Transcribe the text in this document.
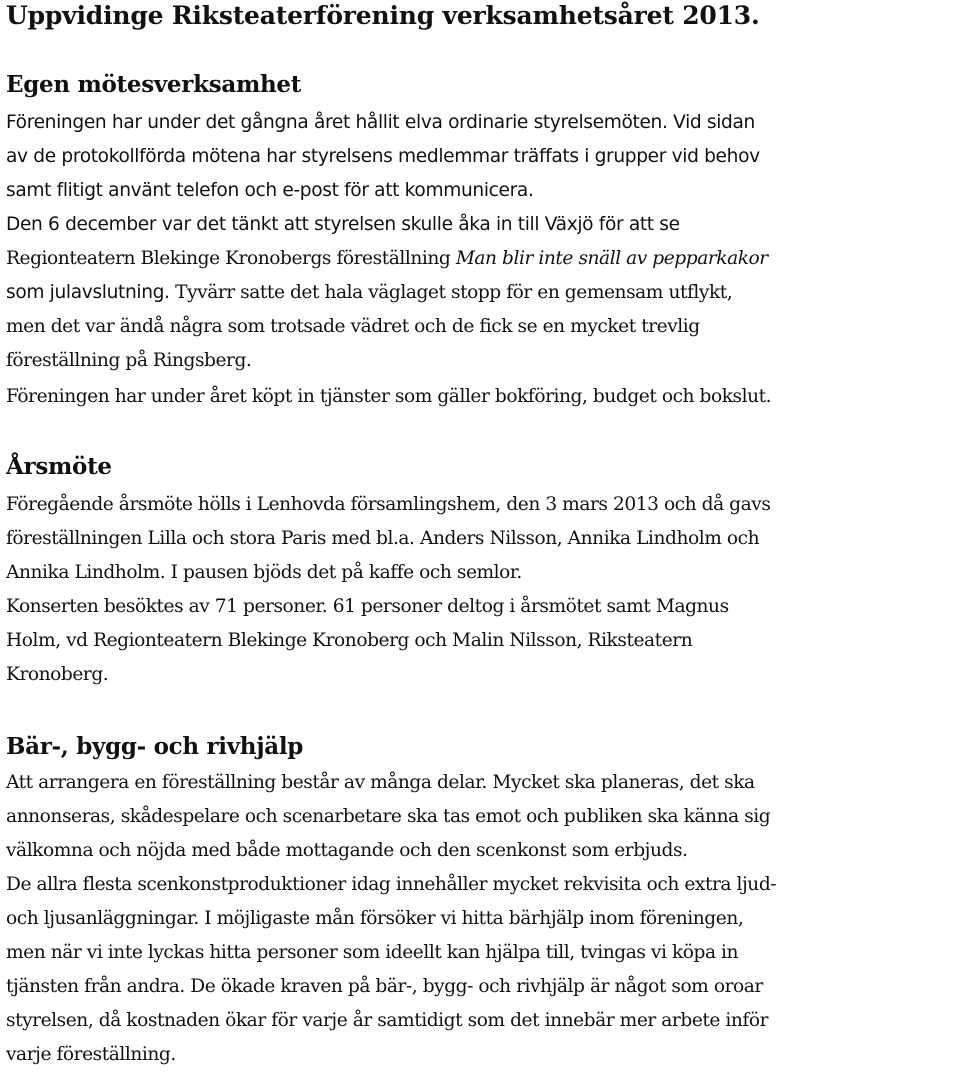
Uppvidinge Riksteaterförening verksamhetsåret 2013.
Egen mötesverksamhet
Föreningen har under det gångna året hållit elva ordinarie styrelsemöten. Vid sidan
av de protokollförda mötena har styrelsens medlemmar träffats i grupper vid behov
samt flitigt använt telefon och e-post för att kommunicera.
Den 6 december var det tänkt att styrelsen skulle åka in till Växjö för att se
Regionteatern Blekinge Kronobergs föreställning Man blir inte snäll av pepparkakor
som julavslutning. Tyvärr satte det hala väglaget stopp för en gemensam utflykt,
men det var ändå några som trotsade vädret och de fick se en mycket trevlig
föreställning på Ringsberg.
Föreningen har under året köpt in tjänster som gäller bokföring, budget och bokslut.
Årsmöte
Föregående årsmöte hölls i Lenhovda församlingshem, den 3 mars 2013 och då gavs
föreställningen Lilla och stora Paris med bl.a. Anders Nilsson, Annika Lindholm och
Annika Lindholm. I pausen bjöds det på kaffe och semlor.
Konserten besöktes av 71 personer. 61 personer deltog i årsmötet samt Magnus
Holm, vd Regionteatern Blekinge Kronoberg och Malin Nilsson, Riksteatern
Kronoberg.
Bär-, bygg- och rivhjälp
Att arrangera en föreställning består av många delar. Mycket ska planeras, det ska
annonseras, skådespelare och scenarbetare ska tas emot och publiken ska känna sig
välkomna och nöjda med både mottagande och den scenkonst som erbjuds.
De allra flesta scenkonstproduktioner idag innehåller mycket rekvisita och extra ljud-
och ljusanläggningar. I möjligaste mån försöker vi hitta bärhjälp inom föreningen,
men när vi inte lyckas hitta personer som ideellt kan hjälpa till, tvingas vi köpa in
tjänsten från andra. De ökade kraven på bär-, bygg- och rivhjälp är något som oroar
styrelsen, då kostnaden ökar för varje år samtidigt som det innebär mer arbete inför
varje föreställning.
